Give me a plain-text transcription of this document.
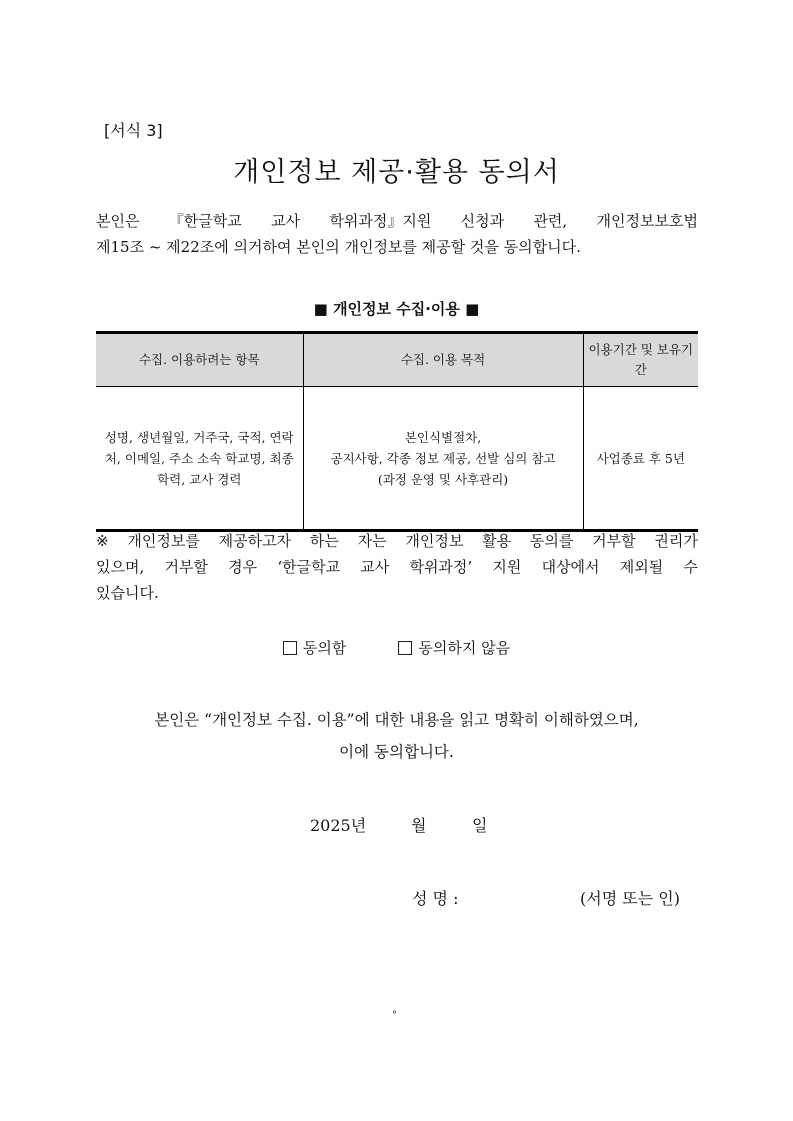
[서식 3]
개인정보 제공·활용 동의서
본인은 『한글학교 교사 학위과정』지원 신청과 관련, 개인정보보호법
제15조 ~ 제22조에 의거하여 본인의 개인정보를 제공할 것을 동의합니다.
■ 개인정보 수집·이용 ■
수집. 이용하려는 항목	수집. 이용 목적	이용기간 및 보유기간
성명, 생년월일, 거주국, 국적, 연락처, 이메일, 주소 소속 학교명, 최종학력, 교사 경력	본인식별절차,
공지사항, 각종 정보 제공, 선발 심의 참고
(과정 운영 및 사후관리)	사업종료 후 5년
※ 개인정보를 제공하고자 하는 자는 개인정보 활용 동의를 거부할 권리가
있으며, 거부할 경우 ‘한글학교 교사 학위과정’ 지원 대상에서 제외될 수
있습니다.
동의함	동의하지 않음
본인은 “개인정보 수집. 이용”에 대한 내용을 읽고 명확히 이해하였으며,
이에 동의합니다.
2025년	월	일
성 명 :	(서명 또는 인)
°
